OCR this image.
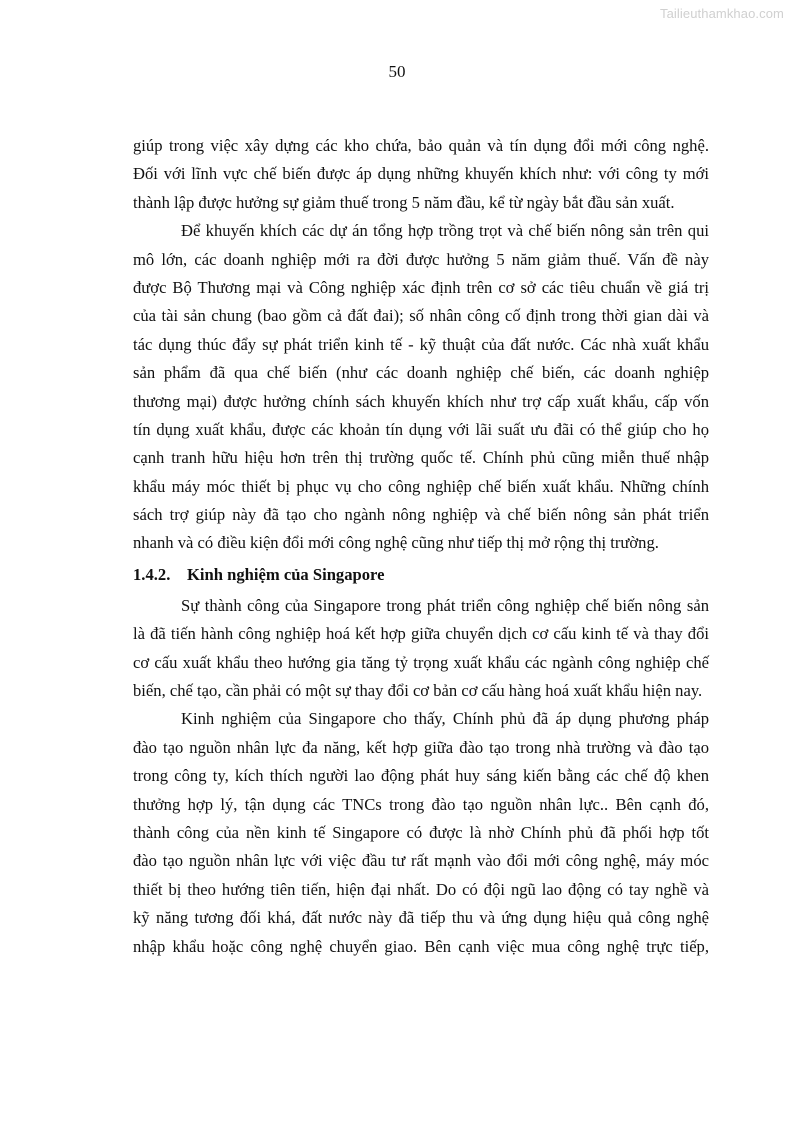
Tailieuthamkhao.com
50
giúp trong việc xây dựng các kho chứa, bảo quản và tín dụng đổi mới công nghệ.
Đối với lĩnh vực chế biến được áp dụng những khuyến khích như: với công ty mới
thành lập được hưởng sự giảm thuế trong 5 năm đầu, kể từ ngày bắt đầu sản xuất.
Để khuyến khích các dự án tổng hợp trồng trọt và chế biến nông sản trên qui
mô lớn, các doanh nghiệp mới ra đời được hưởng 5 năm giảm thuế. Vấn đề này
được Bộ Thương mại và Công nghiệp xác định trên cơ sở các tiêu chuẩn về giá trị
của tài sản chung (bao gồm cả đất đai); số nhân công cố định trong thời gian dài và
tác dụng thúc đẩy sự phát triển kinh tế - kỹ thuật của đất nước. Các nhà xuất khẩu
sản phẩm đã qua chế biến (như các doanh nghiệp chế biến, các doanh nghiệp
thương mại) được hưởng chính sách khuyến khích như trợ cấp xuất khẩu, cấp vốn
tín dụng xuất khẩu, được các khoản tín dụng với lãi suất ưu đãi có thể giúp cho họ
cạnh tranh hữu hiệu hơn trên thị trường quốc tế. Chính phủ cũng miễn thuế nhập
khẩu máy móc thiết bị phục vụ cho công nghiệp chế biến xuất khẩu. Những chính
sách trợ giúp này đã tạo cho ngành nông nghiệp và chế biến nông sản phát triển
nhanh và có điều kiện đổi mới công nghệ cũng như tiếp thị mở rộng thị trường.
1.4.2. Kinh nghiệm của Singapore
Sự thành công của Singapore trong phát triển công nghiệp chế biến nông sản
là đã tiến hành công nghiệp hoá kết hợp giữa chuyển dịch cơ cấu kinh tế và thay đổi
cơ cấu xuất khẩu theo hướng gia tăng tỷ trọng xuất khẩu các ngành công nghiệp chế
biến, chế tạo, cần phải có một sự thay đổi cơ bản cơ cấu hàng hoá xuất khẩu hiện nay.
Kinh nghiệm của Singapore cho thấy, Chính phủ đã áp dụng phương pháp
đào tạo nguồn nhân lực đa năng, kết hợp giữa đào tạo trong nhà trường và đào tạo
trong công ty, kích thích người lao động phát huy sáng kiến bằng các chế độ khen
thưởng hợp lý, tận dụng các TNCs trong đào tạo nguồn nhân lực.. Bên cạnh đó,
thành công của nền kinh tế Singapore có được là nhờ Chính phủ đã phối hợp tốt
đào tạo nguồn nhân lực với việc đầu tư rất mạnh vào đổi mới công nghệ, máy móc
thiết bị theo hướng tiên tiến, hiện đại nhất. Do có đội ngũ lao động có tay nghề và
kỹ năng tương đối khá, đất nước này đã tiếp thu và ứng dụng hiệu quả công nghệ
nhập khẩu hoặc công nghệ chuyển giao. Bên cạnh việc mua công nghệ trực tiếp,
